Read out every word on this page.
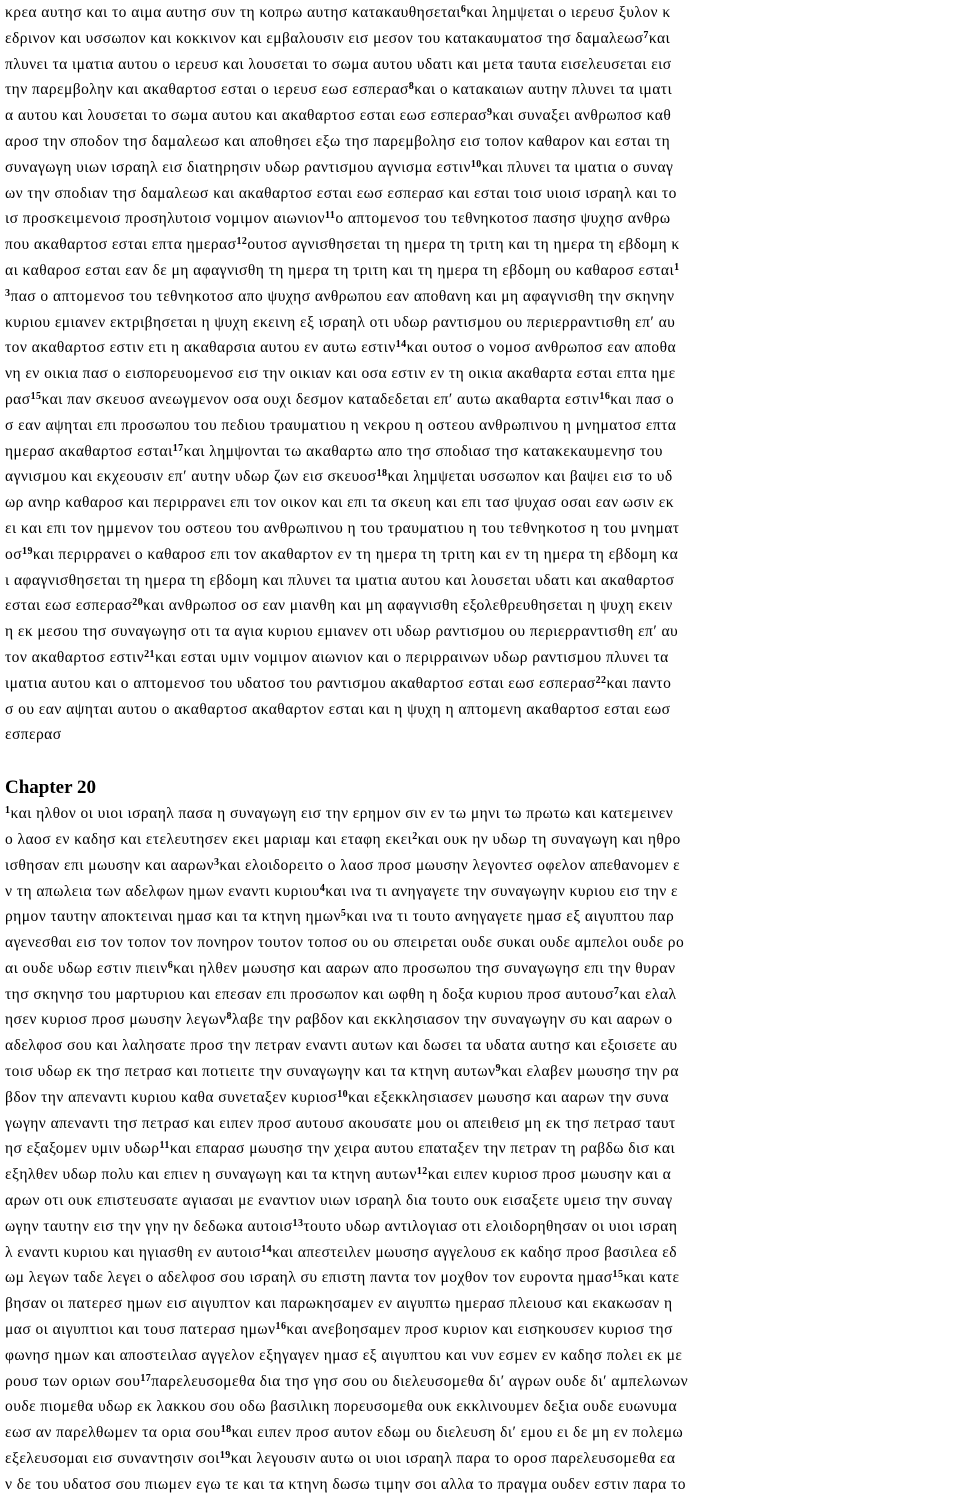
κρεα αυτησ και το αιμα αυτησ συν τη κοπρω αυτησ κατακαυθησεται$^6$και λημψεται ο ιερευσ ξυλον κ
εδρινον και υσσωπον και κοκκινον και εμβαλουσιν εισ μεσον του κατακαυματοσ τησ δαμαλεωσ$^7$και
πλυνει τα ιματια αυτου ο ιερευσ και λουσεται το σωμα αυτου υδατι και μετα ταυτα εισελευσεται εισ
την παρεμβολην και ακαθαρτοσ εσται ο ιερευσ εωσ εσπερασ$^8$και ο κατακαιων αυτην πλυνει τα ιματι
α αυτου και λουσεται το σωμα αυτου και ακαθαρτοσ εσται εωσ εσπερασ$^9$και συναξει ανθρωποσ καθ
αροσ την σποδον τησ δαμαλεωσ και αποθησει εξω τησ παρεμβολησ εισ τοπον καθαρον και εσται τη
συναγωγη υιων ισραηλ εισ διατηρησιν υδωρ ραντισμου αγνισμα εστιν$^{10}$και πλυνει τα ιματια ο συναγ
ων την σποδιαν τησ δαμαλεωσ και ακαθαρτοσ εσται εωσ εσπερασ και εσται τοισ υιοισ ισραηλ και το
ισ προσκειμενοισ προσηλυτοισ νομιμον αιωνιον$^{11}$ο απτομενοσ του τεθνηκοτοσ πασησ ψυχησ ανθρω
που ακαθαρτοσ εσται επτα ημερασ$^{12}$ουτοσ αγνισθησεται τη ημερα τη τριτη και τη ημερα τη εβδομη κ
αι καθαροσ εσται εαν δε μη αφαγνισθη τη ημερα τη τριτη και τη ημερα τη εβδομη ου καθαροσ εσται$^1$
$^3$πασ ο απτομενοσ του τεθνηκοτοσ απο ψυχησ ανθρωπου εαν αποθανη και μη αφαγνισθη την σκηνην
κυριου εμιανεν εκτριβησεται η ψυχη εκεινη εξ ισραηλ οτι υδωρ ραντισμου ου περιερραντισθη επ′ αυ
τον ακαθαρτοσ εστιν ετι η ακαθαρσια αυτου εν αυτω εστιν$^{14}$και ουτοσ ο νομοσ ανθρωποσ εαν αποθα
νη εν οικια πασ ο εισπορευομενοσ εισ την οικιαν και οσα εστιν εν τη οικια ακαθαρτα εσται επτα ημε
ρασ$^{15}$και παν σκευοσ ανεωγμενον οσα ουχι δεσμον καταδεδεται επ′ αυτω ακαθαρτα εστιν$^{16}$και πασ ο
σ εαν αψηται επι προσωπου του πεδιου τραυματιου η νεκρου η οστεου ανθρωπινου η μνηματοσ επτα
ημερασ ακαθαρτοσ εσται$^{17}$και λημψονται τω ακαθαρτω απο τησ σποδιασ τησ κατακεκαυμενησ του
αγνισμου και εκχεουσιν επ′ αυτην υδωρ ζων εισ σκευοσ$^{18}$και λημψεται υσσωπον και βαψει εισ το υδ
ωρ ανηρ καθαροσ και περιρρανει επι τον οικον και επι τα σκευη και επι τασ ψυχασ οσαι εαν ωσιν εκ
ει και επι τον ημμενον του οστεου του ανθρωπινου η του τραυματιου η του τεθνηκοτοσ η του μνηματ
$o\sigma^{19}\kappa\alpha\iota$ περιρρανει ο καθαροσ επι τον ακαθαρτον εν τη ημερα τη τριτη και εν τη ημερα τη εβδομη κα
ι αφαγνισθησεται τη ημερα τη εβδομη και πλυνει τα ιματια αυτου και λουσεται υδατι και ακαθαρτοσ
εσται εωσ εσπερασ$^{20}$και ανθρωποσ οσ εαν μιανθη και μη αφαγνισθη εξολεθρευθησεται η ψυχη εκειν
η εκ μεσου τησ συναγωγησ οτι τα αγια κυριου εμιανεν οτι υδωρ ραντισμου ου περιερραντισθη επ′ αυ
τον ακαθαρτοσ εστιν$^{21}$και εσται υμιν νομιμον αιωνιον και ο περιρραινων υδωρ ραντισμου πλυνει τα
ιματια αυτου και ο απτομενοσ του υδατοσ του ραντισμου ακαθαρτοσ εσται εωσ εσπερασ$^{22}$και παντο
σ ου εαν αψηται αυτου ο ακαθαρτοσ ακαθαρτον εσται και η ψυχη η απτομενη ακαθαρτοσ εσται εωσ
εσπερασ
Chapter 20
$^1$και ηλθον οι υιοι ισραηλ πασα η συναγωγη εισ την ερημον σιν εν τω μηνι τω πρωτω και κατεμεινεν
ο λαοσ εν καδησ και ετελευτησεν εκει μαριαμ και εταφη εκει$^2$και ουκ ην υδωρ τη συναγωγη και ηθρο
ισθησαν επι μωυσην και ααρων$^3$και ελοιδορειτο ο λαοσ προσ μωυσην λεγοντεσ οφελον απεθανομεν ε
ν τη απωλεια των αδελφων ημων εναντι κυριου$^4$και ινα τι ανηγαγετε την συναγωγην κυριου εισ την ε
ρημον ταυτην αποκτειναι ημασ και τα κτηνη ημων$^5$και ινα τι τουτο ανηγαγετε ημασ εξ αιγυπτου παρ
αγενεσθαι εισ τον τοπον τον πονηρον τουτον τοποσ ου ου σπειρεται ουδε συκαι ουδε αμπελοι ουδε ρο
αι ουδε υδωρ εστιν πιειν$^6$και ηλθεν μωυσησ και ααρων απο προσωπου τησ συναγωγησ επι την θυραν
τησ σκηνησ του μαρτυριου και επεσαν επι προσωπον και ωφθη η δοξα κυριου προσ αυτουσ$^7$και ελαλ
ησεν κυριοσ προσ μωυσην λεγων$^8$λαβε την ραβδον και εκκλησιασον την συναγωγην συ και ααρων ο
αδελφοσ σου και λαλησατε προσ την πετραν εναντι αυτων και δωσει τα υδατα αυτησ και εξοισετε αυ
τοισ υδωρ εκ τησ πετρασ και ποτιειτε την συναγωγην και τα κτηνη αυτων$^9$και ελαβεν μωυσησ την ρα
βδον την απεναντι κυριου καθα συνεταξεν κυριοσ$^{10}$και εξεκκλησιασεν μωυσησ και ααρων την συνα
γωγην απεναντι τησ πετρασ και ειπεν προσ αυτουσ ακουσατε μου οι απειθεισ μη εκ τησ πετρασ ταυτ
ησ εξαξομεν υμιν υδωρ$^{11}$και επαρασ μωυσησ την χειρα αυτου επαταξεν την πετραν τη ραβδω δισ και
εξηλθεν υδωρ πολυ και επιεν η συναγωγη και τα κτηνη αυτων$^{12}$και ειπεν κυριοσ προσ μωυσην και α
αρων οτι ουκ επιστευσατε αγιασαι με εναντιον υιων ισραηλ δια τουτο ουκ εισαξετε υμεισ την συναγ
ωγην ταυτην εισ την γην ην δεδωκα αυτοισ$^{13}$τουτο υδωρ αντιλογιασ οτι ελοιδορηθησαν οι υιοι ισραη
λ εναντι κυριου και ηγιασθη εν αυτοισ$^{14}$και απεστειλεν μωυσησ αγγελουσ εκ καδησ προσ βασιλεα εδ
ωμ λεγων ταδε λεγει ο αδελφοσ σου ισραηλ συ επιστη παντα τον μοχθον τον ευροντα ημασ$^{15}$και κατε
βησαν οι πατερεσ ημων εισ αιγυπτον και παρωκησαμεν εν αιγυπτω ημερασ πλειουσ και εκακωσαν η
μασ οι αιγυπτιοι και τουσ πατερασ ημων$^{16}$και ανεβοησαμεν προσ κυριον και εισηκουσεν κυριοσ τησ
φωνησ ημων και αποστειλασ αγγελον εξηγαγεν ημασ εξ αιγυπτου και νυν εσμεν εν καδησ πολει εκ με
ρουσ των οριων σου$^{17}$παρελευσομεθα δια τησ γησ σου ου διελευσομεθα δι′ αγρων ουδε δι′ αμπελωνων
ουδε πιομεθα υδωρ εκ λακκου σου οδω βασιλικη πορευσομεθα ουκ εκκλινουμεν δεξια ουδε ευωνυμα
εωσ αν παρελθωμεν τα ορια σου$^{18}$και ειπεν προσ αυτον εδωμ ου διελευση δι′ εμου ει δε μη εν πολεμω
εξελευσομαι εισ συναντησιν σοι$^{19}$και λεγουσιν αυτω οι υιοι ισραηλ παρα το οροσ παρελευσομεθα εα
ν δε του υδατοσ σου πιωμεν εγω τε και τα κτηνη δωσω τιμην σοι αλλα το πραγμα ουδεν εστιν παρα το
